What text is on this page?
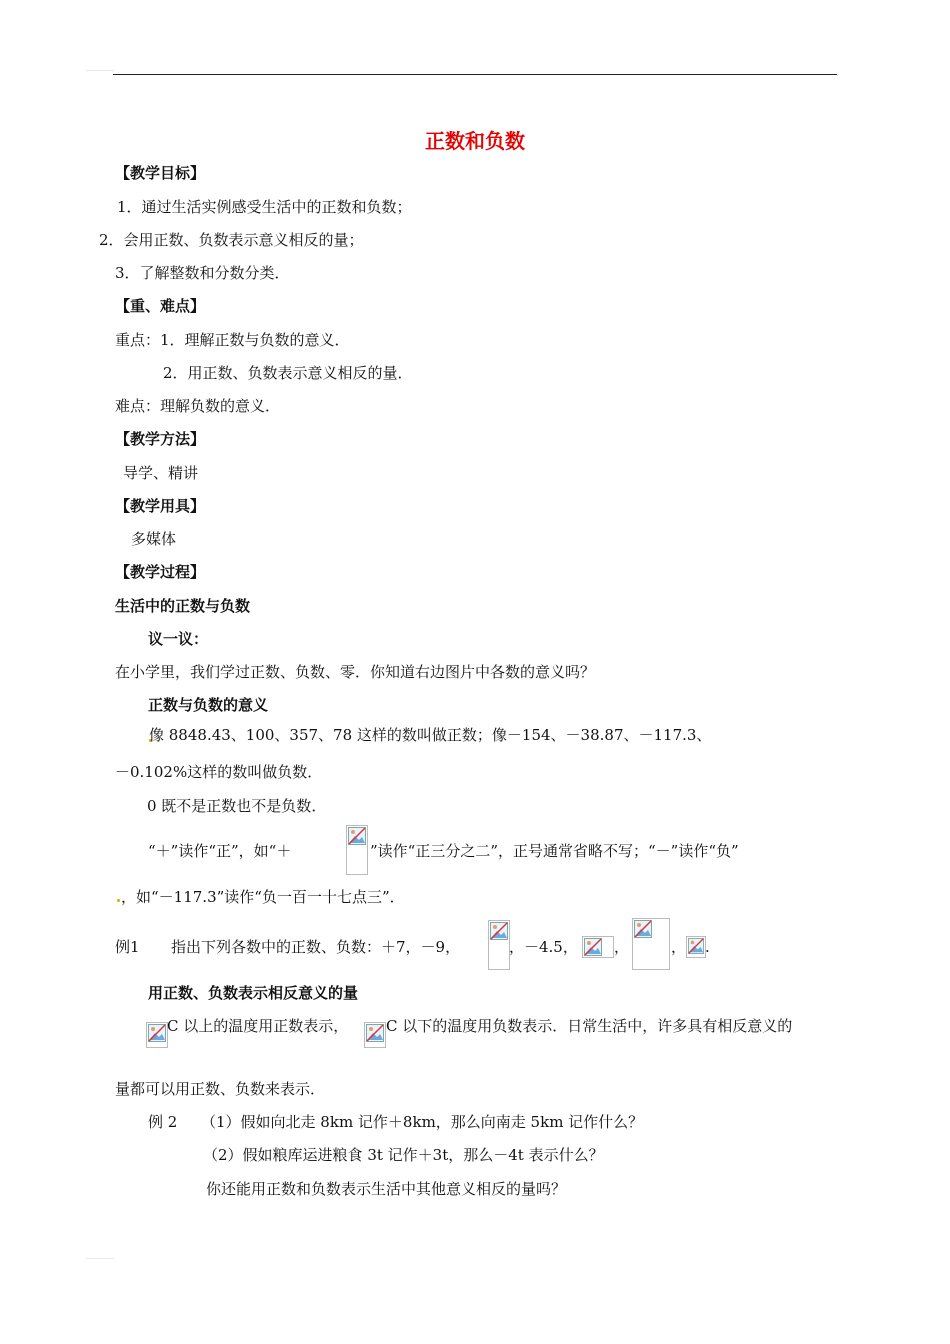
正数和负数
【教学目标】
1．通过生活实例感受生活中的正数和负数；
2．会用正数、负数表示意义相反的量；
3．了解整数和分数分类．
【重、难点】
重点：1．理解正数与负数的意义．
2．用正数、负数表示意义相反的量．
难点：理解负数的意义．
【教学方法】
导学、精讲
【教学用具】
多媒体
【教学过程】
生活中的正数与负数
议一议：
在小学里，我们学过正数、负数、零．你知道右边图片中各数的意义吗？
正数与负数的意义
像 8848.43、100、357、78 这样的数叫做正数；像－154、－38.87、－117.3、
－0.102%这样的数叫做负数．
0 既不是正数也不是负数．
“＋”读作“正”，如“＋	”读作“正三分之二”，正号通常省略不写；“－”读作“负”
，如“－117.3”读作“负一百一十七点三”．
例1 指出下列各数中的正数、负数：＋7，－9，	，－4.5， ，	， .
用正数、负数表示相反意义的量
C 以上的温度用正数表示，	C 以下的温度用负数表示．日常生活中，许多具有相反意义的
量都可以用正数、负数来表示．
例 2 （1）假如向北走 8km 记作＋8km，那么向南走 5km 记作什么？
（2）假如粮库运进粮食 3t 记作＋3t，那么－4t 表示什么？
你还能用正数和负数表示生活中其他意义相反的量吗？
